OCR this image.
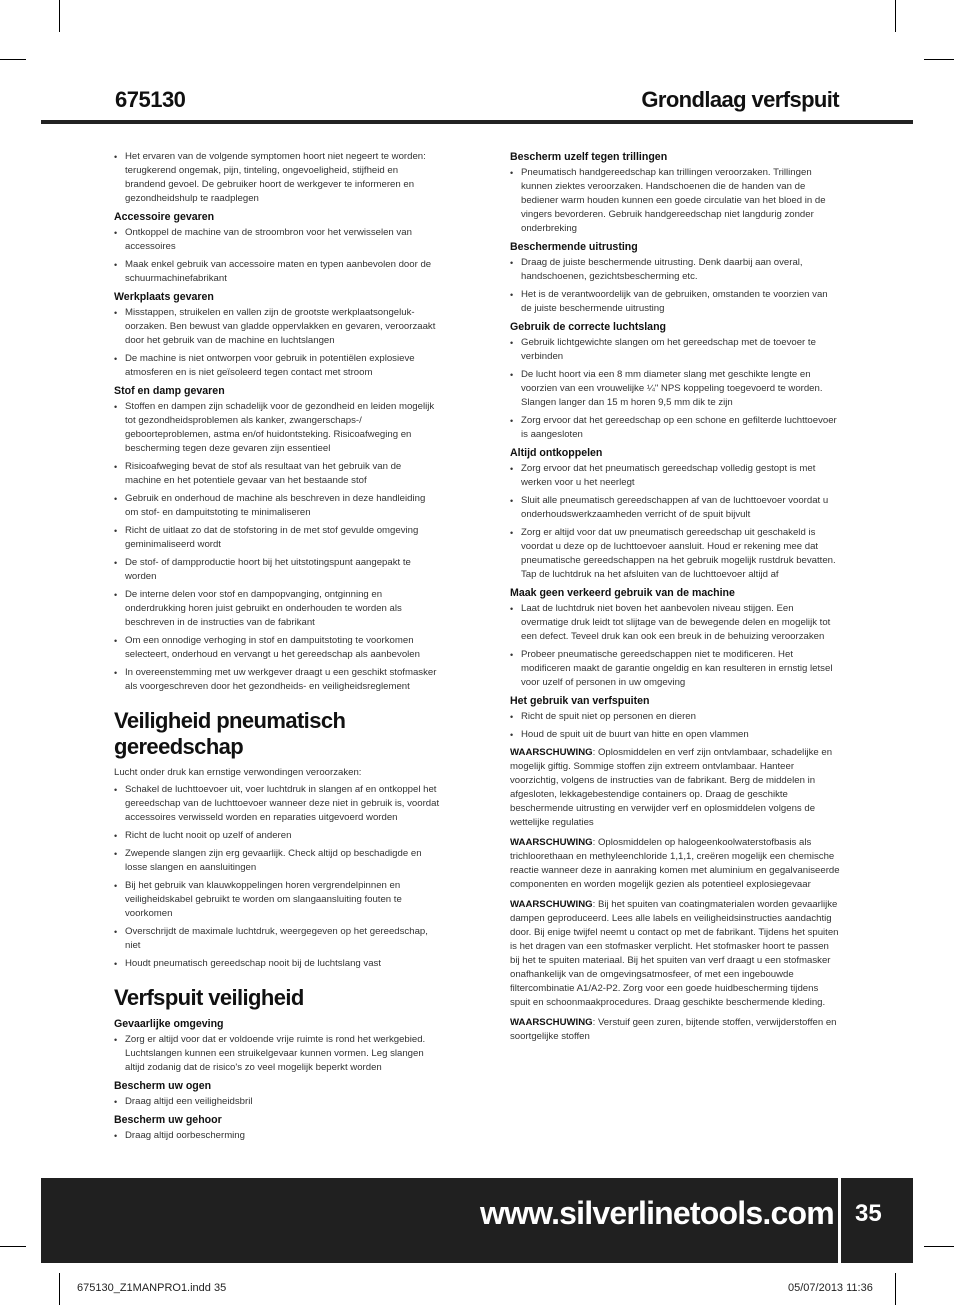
675130	Grondlaag verfspuit
• Het ervaren van de volgende symptomen hoort niet negeert te worden: terugkerend ongemak, pijn, tinteling, ongevoeligheid, stijfheid en brandend gevoel. De gebruiker hoort de werkgever te informeren en gezondheidshulp te raadplegen
Accessoire gevaren
• Ontkoppel de machine van de stroombron voor het verwisselen van accessoires
• Maak enkel gebruik van accessoire maten en typen aanbevolen door de schuurmachinefabrikant
Werkplaats gevaren
• Misstappen, struikelen en vallen zijn de grootste werkplaatsongeluk-oorzaken. Ben bewust van gladde oppervlakken en gevaren, veroorzaakt door het gebruik van de machine en luchtslangen
• De machine is niet ontworpen voor gebruik in potentiëlen explosieve atmosferen en is niet geïsoleerd tegen contact met stroom
Stof en damp gevaren
• Stoffen en dampen zijn schadelijk voor de gezondheid en leiden mogelijk tot gezondheidsproblemen als kanker, zwangerschaps-/ geboorteproblemen, astma en/of huidontsteking. Risicoafweging en bescherming tegen deze gevaren zijn essentieel
• Risicoafweging bevat de stof als resultaat van het gebruik van de machine en het potentiele gevaar van het bestaande stof
• Gebruik en onderhoud de machine als beschreven in deze handleiding om stof- en dampuitstoting te minimaliseren
• Richt de uitlaat zo dat de stofstoring in de met stof gevulde omgeving geminimaliseerd wordt
• De stof- of dampproductie hoort bij het uitstotingspunt aangepakt te worden
• De interne delen voor stof en dampopvanging, ontginning en onderdrukking horen juist gebruikt en onderhouden te worden als beschreven in de instructies van de fabrikant
• Om een onnodige verhoging in stof en dampuitstoting te voorkomen selecteert, onderhoud en vervangt u het gereedschap als aanbevolen
• In overeenstemming met uw werkgever draagt u een geschikt stofmasker als voorgeschreven door het gezondheids- en veiligheidsreglement
Veiligheid pneumatisch gereedschap
Lucht onder druk kan ernstige verwondingen veroorzaken:
• Schakel de luchttoevoer uit, voer luchtdruk in slangen af en ontkoppel het gereedschap van de luchttoevoer wanneer deze niet in gebruik is, voordat accessoires verwisseld worden en reparaties uitgevoerd worden
• Richt de lucht nooit op uzelf of anderen
• Zwepende slangen zijn erg gevaarlijk. Check altijd op beschadigde en losse slangen en aansluitingen
• Bij het gebruik van klauwkoppelingen horen vergrendelpinnen en veiligheidskabel gebruikt te worden om slangaansluiting fouten te voorkomen
• Overschrijdt de maximale luchtdruk, weergegeven op het gereedschap, niet
• Houdt pneumatisch gereedschap nooit bij de luchtslang vast
Verfspuit veiligheid
Gevaarlijke omgeving
• Zorg er altijd voor dat er voldoende vrije ruimte is rond het werkgebied. Luchtslangen kunnen een struikelgevaar kunnen vormen. Leg slangen altijd zodanig dat de risico's zo veel mogelijk beperkt worden
Bescherm uw ogen
• Draag altijd een veiligheidsbril
Bescherm uw gehoor
• Draag altijd oorbescherming
Bescherm uzelf tegen trillingen
• Pneumatisch handgereedschap kan trillingen veroorzaken. Trillingen kunnen ziektes veroorzaken. Handschoenen die de handen van de bediener warm houden kunnen een goede circulatie van het bloed in de vingers bevorderen. Gebruik handgereedschap niet langdurig zonder onderbreking
Beschermende uitrusting
• Draag de juiste beschermende uitrusting. Denk daarbij aan overal, handschoenen, gezichtsbescherming etc.
• Het is de verantwoordelijk van de gebruiken, omstanden te voorzien van de juiste beschermende uitrusting
Gebruik de correcte luchtslang
• Gebruik lichtgewichte slangen om het gereedschap met de toevoer te verbinden
• De lucht hoort via een 8 mm diameter slang met geschikte lengte en voorzien van een vrouwelijke ¼" NPS koppeling toegevoerd te worden. Slangen langer dan 15 m horen 9,5 mm dik te zijn
• Zorg ervoor dat het gereedschap op een schone en gefilterde luchttoevoer is aangesloten
Altijd ontkoppelen
• Zorg ervoor dat het pneumatisch gereedschap volledig gestopt is met werken voor u het neerlegt
• Sluit alle pneumatisch gereedschappen af van de luchttoevoer voordat u onderhoudswerkzaamheden verricht of de spuit bijvult
• Zorg er altijd voor dat uw pneumatisch gereedschap uit geschakeld is voordat u deze op de luchttoevoer aansluit. Houd er rekening mee dat pneumatische gereedschappen na het gebruik mogelijk rustdruk bevatten. Tap de luchtdruk na het afsluiten van de luchttoevoer altijd af
Maak geen verkeerd gebruik van de machine
• Laat de luchtdruk niet boven het aanbevolen niveau stijgen. Een overmatige druk leidt tot slijtage van de bewegende delen en mogelijk tot een defect. Teveel druk kan ook een breuk in de behuizing veroorzaken
• Probeer pneumatische gereedschappen niet te modificeren. Het modificeren maakt de garantie ongeldig en kan resulteren in ernstig letsel voor uzelf of personen in uw omgeving
Het gebruik van verfspuiten
• Richt de spuit niet op personen en dieren
• Houd de spuit uit de buurt van hitte en open vlammen
WAARSCHUWING: Oplosmiddelen en verf zijn ontvlambaar, schadelijke en mogelijk giftig. Sommige stoffen zijn extreem ontvlambaar. Hanteer voorzichtig, volgens de instructies van de fabrikant. Berg de middelen in afgesloten, lekkagebestendige containers op. Draag de geschikte beschermende uitrusting en verwijder verf en oplosmiddelen volgens de wettelijke regulaties
WAARSCHUWING: Oplosmiddelen op halogeenkoolwaterstofbasis als trichloorethaan en methyleenchloride 1,1,1, creëren mogelijk een chemische reactie wanneer deze in aanraking komen met aluminium en gegalvaniseerde componenten en worden mogelijk gezien als potentieel explosiegevaar
WAARSCHUWING: Bij het spuiten van coatingmaterialen worden gevaarlijke dampen geproduceerd. Lees alle labels en veiligheidsinstructies aandachtig door. Bij enige twijfel neemt u contact op met de fabrikant. Tijdens het spuiten is het dragen van een stofmasker verplicht. Het stofmasker hoort te passen bij het te spuiten materiaal. Bij het spuiten van verf draagt u een stofmasker onafhankelijk van de omgevingsatmosfeer, of met een ingebouwde filtercombinatie A1/A2-P2. Zorg voor een goede huidbescherming tijdens spuit en schoonmaakprocedures. Draag geschikte beschermende kleding.
WAARSCHUWING: Verstuif geen zuren, bijtende stoffen, verwijderstoffen en soortgelijke stoffen
www.silverlinetools.com 35
675130_Z1MANPRO1.indd 35	05/07/2013 11:36
